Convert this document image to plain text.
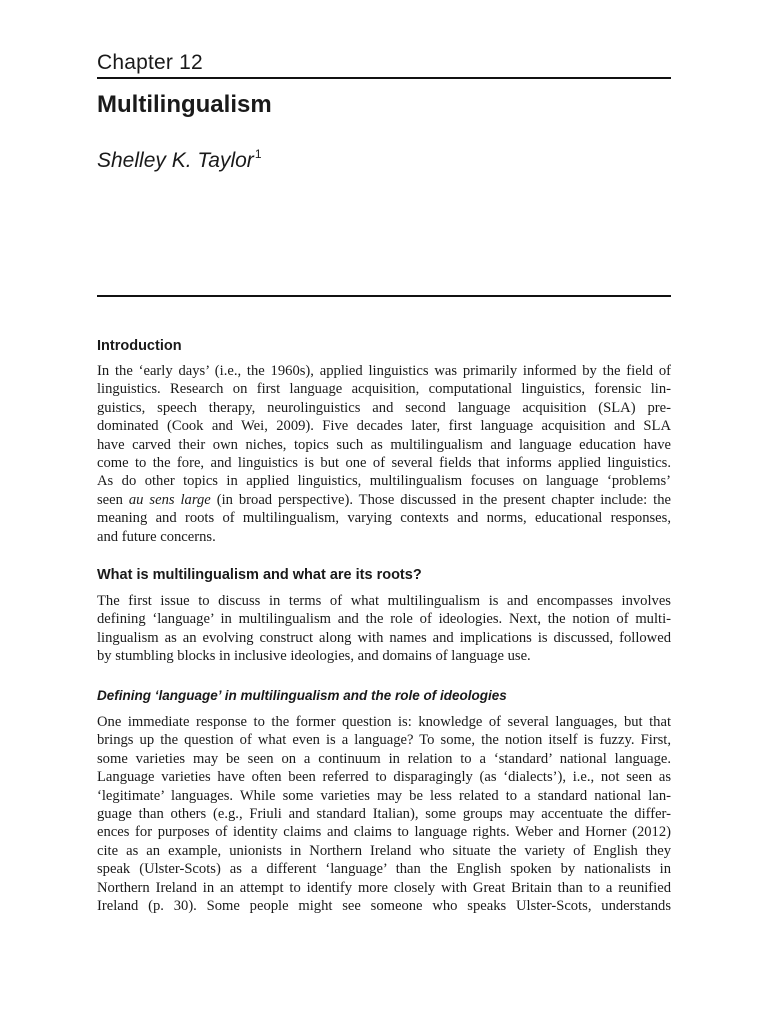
Chapter 12
Multilingualism
Shelley K. Taylor$^1$
Introduction
In the ‘early days’ (i.e., the 1960s), applied linguistics was primarily informed by the field of
linguistics. Research on first language acquisition, computational linguistics, forensic lin-
guistics, speech therapy, neurolinguistics and second language acquisition (SLA) pre-
dominated (Cook and Wei, 2009). Five decades later, first language acquisition and SLA
have carved their own niches, topics such as multilingualism and language education have
come to the fore, and linguistics is but one of several fields that informs applied linguistics.
As do other topics in applied linguistics, multilingualism focuses on language ‘problems’
seen au sens large (in broad perspective). Those discussed in the present chapter include: the
meaning and roots of multilingualism, varying contexts and norms, educational responses,
and future concerns.
What is multilingualism and what are its roots?
The first issue to discuss in terms of what multilingualism is and encompasses involves
defining ‘language’ in multilingualism and the role of ideologies. Next, the notion of multi-
lingualism as an evolving construct along with names and implications is discussed, followed
by stumbling blocks in inclusive ideologies, and domains of language use.
Defining ‘language’ in multilingualism and the role of ideologies
One immediate response to the former question is: knowledge of several languages, but that
brings up the question of what even is a language? To some, the notion itself is fuzzy. First,
some varieties may be seen on a continuum in relation to a ‘standard’ national language.
Language varieties have often been referred to disparagingly (as ‘dialects’), i.e., not seen as
‘legitimate’ languages. While some varieties may be less related to a standard national lan-
guage than others (e.g., Friuli and standard Italian), some groups may accentuate the differ-
ences for purposes of identity claims and claims to language rights. Weber and Horner (2012)
cite as an example, unionists in Northern Ireland who situate the variety of English they
speak (Ulster-Scots) as a different ‘language’ than the English spoken by nationalists in
Northern Ireland in an attempt to identify more closely with Great Britain than to a reunified
Ireland (p. 30). Some people might see someone who speaks Ulster-Scots, understands
